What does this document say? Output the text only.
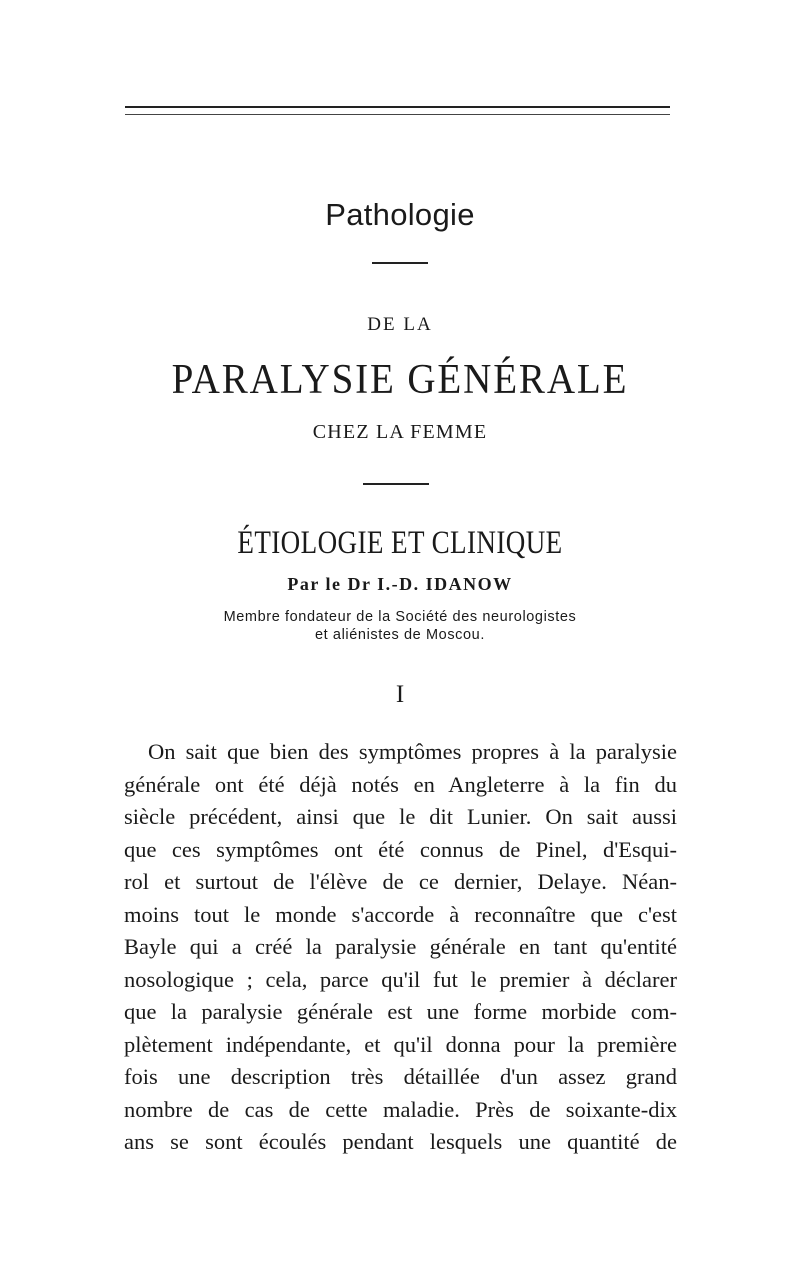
Pathologie
DE LA
PARALYSIE GÉNÉRALE
CHEZ LA FEMME
ÉTIOLOGIE ET CLINIQUE
Par le Dr I.-D. IDANOW
Membre fondateur de la Société des neurologistes
et aliénistes de Moscou.
I
On sait que bien des symptômes propres à la paralysie
générale ont été déjà notés en Angleterre à la fin du
siècle précédent, ainsi que le dit Lunier. On sait aussi
que ces symptômes ont été connus de Pinel, d'Esqui-
rol et surtout de l'élève de ce dernier, Delaye. Néan-
moins tout le monde s'accorde à reconnaître que c'est
Bayle qui a créé la paralysie générale en tant qu'entité
nosologique ; cela, parce qu'il fut le premier à déclarer
que la paralysie générale est une forme morbide com-
plètement indépendante, et qu'il donna pour la première
fois une description très détaillée d'un assez grand
nombre de cas de cette maladie. Près de soixante-dix
ans se sont écoulés pendant lesquels une quantité de
